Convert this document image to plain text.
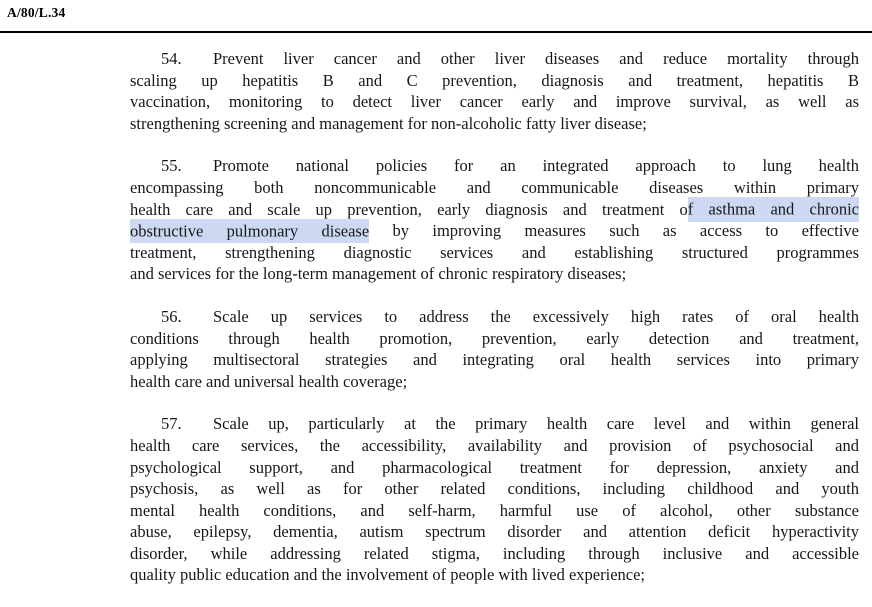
A/80/L.34
54. Prevent liver cancer and other liver diseases and reduce mortality through
scaling up hepatitis B and C prevention, diagnosis and treatment, hepatitis B
vaccination, monitoring to detect liver cancer early and improve survival, as well as
strengthening screening and management for non-alcoholic fatty liver disease;
55. Promote national policies for an integrated approach to lung health
encompassing both noncommunicable and communicable diseases within primary
health care and scale up prevention, early diagnosis and treatment of asthma and chronic
obstructive pulmonary disease by improving measures such as access to effective
treatment, strengthening diagnostic services and establishing structured programmes
and services for the long-term management of chronic respiratory diseases;
56. Scale up services to address the excessively high rates of oral health
conditions through health promotion, prevention, early detection and treatment,
applying multisectoral strategies and integrating oral health services into primary
health care and universal health coverage;
57. Scale up, particularly at the primary health care level and within general
health care services, the accessibility, availability and provision of psychosocial and
psychological support, and pharmacological treatment for depression, anxiety and
psychosis, as well as for other related conditions, including childhood and youth
mental health conditions, and self-harm, harmful use of alcohol, other substance
abuse, epilepsy, dementia, autism spectrum disorder and attention deficit hyperactivity
disorder, while addressing related stigma, including through inclusive and accessible
quality public education and the involvement of people with lived experience;
